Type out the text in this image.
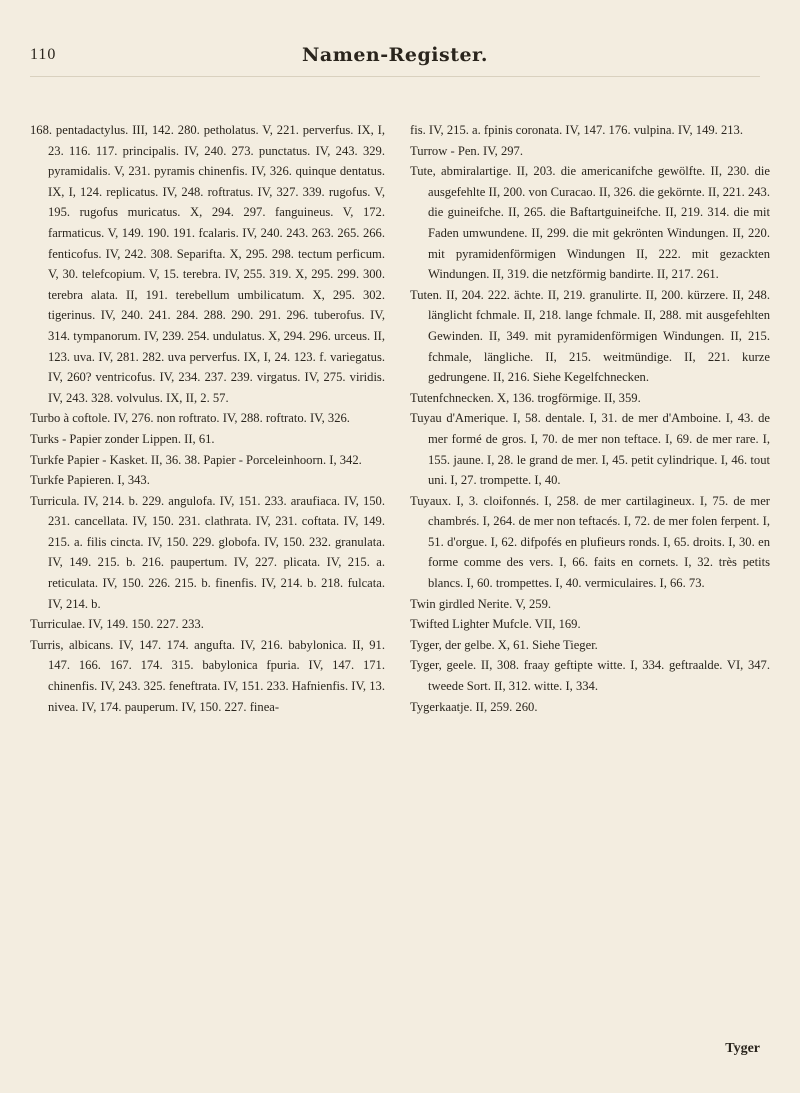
110	Namen-Register.

168. pentadactylus. III, 142. 280. petholatus. V, 221. perverfus. IX, I, 23. 116. 117. principalis. IV, 240. 273. punctatus. IV, 243. 329. pyramidalis. V, 231. pyramis chinenfis. IV, 326. quinque dentatus. IX, I, 124. replicatus. IV, 248. roftratus. IV, 327. 339. rugofus. V, 195. rugofus muricatus. X, 294. 297. fanguineus. V, 172. farmaticus. V, 149. 190. 191. fcalaris. IV, 240. 243. 263. 265. 266. fenticofus. IV, 242. 308. Separifta. X, 295. 298. tectum perficum. V, 30. telefcopium. V, 15. terebra. IV, 255. 319. X, 295. 299. 300. terebra alata. II, 191. terebellum umbilicatum. X, 295. 302. tigerinus. IV, 240. 241. 284. 288. 290. 291. 296. tuberofus. IV, 314. tympanorum. IV, 239. 254. undulatus. X, 294. 296. urceus. II, 123. uva. IV, 281. 282. uva perverfus. IX, I, 24. 123. f. variegatus. IV, 260? ventricofus. IV, 234. 237. 239. virgatus. IV, 275. viridis. IV, 243. 328. volvulus. IX, II, 2. 57.

Turbo à coftole. IV, 276. non roftrato. IV, 288. roftrato. IV, 326.

Turks - Papier zonder Lippen. II, 61.

Turkfe Papier - Kasket. II, 36. 38. Papier - Porceleinhoorn. I, 342.

Turkfe Papieren. I, 343.

Turricula. IV, 214. b. 229. angulofa. IV, 151. 233. araufiaca. IV, 150. 231. cancellata. IV, 150. 231. clathrata. IV, 231. coftata. IV, 149. 215. a. filis cincta. IV, 150. 229. globofa. IV, 150. 232. granulata. IV, 149. 215. b. 216. paupertum. IV, 227. plicata. IV, 215. a. reticulata. IV, 150. 226. 215. b. finenfis. IV, 214. b. 218. fulcata. IV, 214. b.

Turriculae. IV, 149. 150. 227. 233.

Turris, albicans. IV, 147. 174. angufta. IV, 216. babylonica. II, 91. 147. 166. 167. 174. 315. babylonica fpuria. IV, 147. 171. chinenfis. IV, 243. 325. feneftrata. IV, 151. 233. Hafnienfis. IV, 13. nivea. IV, 174. pauperum. IV, 150. 227. finea-

fis. IV, 215. a. fpinis coronata. IV, 147. 176. vulpina. IV, 149. 213.

Turrow - Pen. IV, 297.

Tute, abmiralartige. II, 203. die americanifche gewölfte. II, 230. die ausgefehlte II, 200. von Curacao. II, 326. die gekörnte. II, 221. 243. die guineifche. II, 265. die Baftartguineifche. II, 219. 314. die mit Faden umwundene. II, 299. die mit gekrönten Windungen. II, 220. mit pyramidenförmigen Windungen II, 222. mit gezackten Windungen. II, 319. die netzförmig bandirte. II, 217. 261.

Tuten. II, 204. 222. ächte. II, 219. granulirte. II, 200. kürzere. II, 248. länglicht fchmale. II, 218. lange fchmale. II, 288. mit ausgefehlten Gewinden. II, 349. mit pyramidenförmigen Windungen. II, 215. fchmale, längliche. II, 215. weitmündige. II, 221. kurze gedrungene. II, 216. Siehe Kegelfchnecken.

Tutenfchnecken. X, 136. trogförmige. II, 359.

Tuyau d'Amerique. I, 58. dentale. I, 31. de mer d'Amboine. I, 43. de mer formé de gros. I, 70. de mer non teftace. I, 69. de mer rare. I, 155. jaune. I, 28. le grand de mer. I, 45. petit cylindrique. I, 46. tout uni. I, 27. trompette. I, 40.

Tuyaux. I, 3. cloifonnés. I, 258. de mer cartilagineux. I, 75. de mer chambrés. I, 264. de mer non teftacés. I, 72. de mer folen ferpent. I, 51. d'orgue. I, 62. difpofés en plufieurs ronds. I, 65. droits. I, 30. en forme comme des vers. I, 66. faits en cornets. I, 32. très petits blancs. I, 60. trompettes. I, 40. vermiculaires. I, 66. 73.

Twin girdled Nerite. V, 259.

Twifted Lighter Mufcle. VII, 169.

Tyger, der gelbe. X, 61. Siehe Tieger.

Tyger, geele. II, 308. fraay geftipte witte. I, 334. geftraalde. VI, 347. tweede Sort. II, 312. witte. I, 334.

Tygerkaatje. II, 259. 260.

Tyger
